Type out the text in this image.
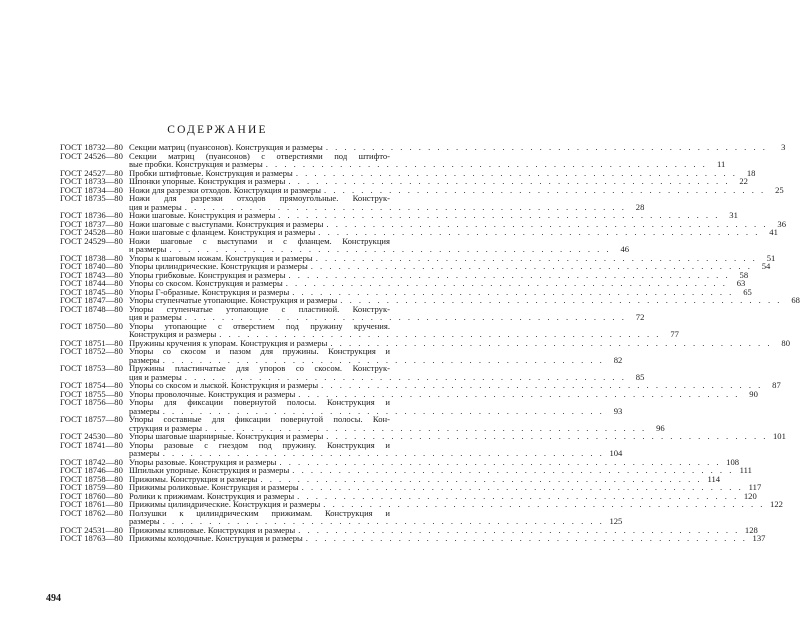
СОДЕРЖАНИЕ
ГОСТ 18732—80 Секции матриц (пуансонов). Конструкция и размеры . . . . . . . . . . . . . . . . . . . . . . . . . . . . . . . . . . . . . . . . . . . . . . . .	3
ГОСТ 24526—80 Секции матриц (пуансонов) с отверстиями под штифто-
вые пробки. Конструкция и размеры . . . . . . . . . . . . . . . . . . . . . . . . . . . . . . . . . . . . . . . . . . . . . . . .	11
ГОСТ 24527—80 Пробки штифтовые. Конструкция и размеры . . . . . . . . . . . . . . . . . . . . . . . . . . . . . . . . . . . . . . . . . . . . . . . .	18
ГОСТ 18733—80 Шпонки упорные. Конструкция и размеры . . . . . . . . . . . . . . . . . . . . . . . . . . . . . . . . . . . . . . . . . . . . . . . .	22
ГОСТ 18734—80 Ножи для разрезки отходов. Конструкция и размеры . . . . . . . . . . . . . . . . . . . . . . . . . . . . . . . . . . . . . . . . . . . . . . . .	25
ГОСТ 18735—80 Ножи для разрезки отходов прямоугольные. Конструк-
ция и размеры . . . . . . . . . . . . . . . . . . . . . . . . . . . . . . . . . . . . . . . . . . . . . . . .	28
ГОСТ 18736—80 Ножи шаговые. Конструкция и размеры . . . . . . . . . . . . . . . . . . . . . . . . . . . . . . . . . . . . . . . . . . . . . . . .	31
ГОСТ 18737—80 Ножи шаговые с выступами. Конструкция и размеры . . . . . . . . . . . . . . . . . . . . . . . . . . . . . . . . . . . . . . . . . . . . . . . .	36
ГОСТ 24528—80 Ножи шаговые с фланцем. Конструкция и размеры . . . . . . . . . . . . . . . . . . . . . . . . . . . . . . . . . . . . . . . . . . . . . . . .	41
ГОСТ 24529—80 Ножи шаговые с выступами и с фланцем. Конструкция
и размеры . . . . . . . . . . . . . . . . . . . . . . . . . . . . . . . . . . . . . . . . . . . . . . . .	46
ГОСТ 18738—80 Упоры к шаговым ножам. Конструкция и размеры . . . . . . . . . . . . . . . . . . . . . . . . . . . . . . . . . . . . . . . . . . . . . . . .	51
ГОСТ 18740—80 Упоры цилиндрические. Конструкция и размеры . . . . . . . . . . . . . . . . . . . . . . . . . . . . . . . . . . . . . . . . . . . . . . . .	54
ГОСТ 18743—80 Упоры грибковые. Конструкция и размеры . . . . . . . . . . . . . . . . . . . . . . . . . . . . . . . . . . . . . . . . . . . . . . . .	58
ГОСТ 18744—80 Упоры со скосом. Конструкция и размеры . . . . . . . . . . . . . . . . . . . . . . . . . . . . . . . . . . . . . . . . . . . . . . . .	63
ГОСТ 18745—80 Упоры Г-образные. Конструкция и размеры . . . . . . . . . . . . . . . . . . . . . . . . . . . . . . . . . . . . . . . . . . . . . . . .	65
ГОСТ 18747—80 Упоры ступенчатые утопающие. Конструкция и размеры . . . . . . . . . . . . . . . . . . . . . . . . . . . . . . . . . . . . . . . . . . . . . . . .	68
ГОСТ 18748—80 Упоры ступенчатые утопающие с пластиной. Конструк-
ция и размеры . . . . . . . . . . . . . . . . . . . . . . . . . . . . . . . . . . . . . . . . . . . . . . . .	72
ГОСТ 18750—80 Упоры утопающие с отверстием под пружину кручения.
Конструкция и размеры . . . . . . . . . . . . . . . . . . . . . . . . . . . . . . . . . . . . . . . . . . . . . . . .	77
ГОСТ 18751—80 Пружины кручения к упорам. Конструкция и размеры . . . . . . . . . . . . . . . . . . . . . . . . . . . . . . . . . . . . . . . . . . . . . . . .	80
ГОСТ 18752—80 Упоры со скосом и пазом для пружины. Конструкция и
размеры . . . . . . . . . . . . . . . . . . . . . . . . . . . . . . . . . . . . . . . . . . . . . . . .	82
ГОСТ 18753—80 Пружины пластинчатые для упоров со скосом. Конструк-
ция и размеры . . . . . . . . . . . . . . . . . . . . . . . . . . . . . . . . . . . . . . . . . . . . . . . .	85
ГОСТ 18754—80 Упоры со скосом и лыской. Конструкция и размеры . . . . . . . . . . . . . . . . . . . . . . . . . . . . . . . . . . . . . . . . . . . . . . . .	87
ГОСТ 18755—80 Упоры проволочные. Конструкция и размеры . . . . . . . . . . . . . . . . . . . . . . . . . . . . . . . . . . . . . . . . . . . . . . . .	90
ГОСТ 18756—80 Упоры для фиксации повернутой полосы. Конструкция и
размеры . . . . . . . . . . . . . . . . . . . . . . . . . . . . . . . . . . . . . . . . . . . . . . . .	93
ГОСТ 18757—80 Упоры составные для фиксации повернутой полосы. Кон-
струкция и размеры . . . . . . . . . . . . . . . . . . . . . . . . . . . . . . . . . . . . . . . . . . . . . . . .	96
ГОСТ 24530—80 Упоры шаговые шарнирные. Конструкция и размеры . . . . . . . . . . . . . . . . . . . . . . . . . . . . . . . . . . . . . . . . . . . . . . . . 101
ГОСТ 18741—80 Упоры разовые с гнездом под пружину. Конструкция и
размеры . . . . . . . . . . . . . . . . . . . . . . . . . . . . . . . . . . . . . . . . . . . . . . . . 104
ГОСТ 18742—80 Упоры разовые. Конструкция и размеры . . . . . . . . . . . . . . . . . . . . . . . . . . . . . . . . . . . . . . . . . . . . . . . . 108
ГОСТ 18746—80 Шпильки упорные. Конструкция и размеры . . . . . . . . . . . . . . . . . . . . . . . . . . . . . . . . . . . . . . . . . . . . . . . . 111
ГОСТ 18758—80 Прижимы. Конструкция и размеры . . . . . . . . . . . . . . . . . . . . . . . . . . . . . . . . . . . . . . . . . . . . . . . . 114
ГОСТ 18759—80 Прижимы роликовые. Конструкция и размеры . . . . . . . . . . . . . . . . . . . . . . . . . . . . . . . . . . . . . . . . . . . . . . . . 117
ГОСТ 18760—80 Ролики к прижимам. Конструкция и размеры . . . . . . . . . . . . . . . . . . . . . . . . . . . . . . . . . . . . . . . . . . . . . . . . 120
ГОСТ 18761—80 Прижимы цилиндрические. Конструкция и размеры . . . . . . . . . . . . . . . . . . . . . . . . . . . . . . . . . . . . . . . . . . . . . . . . 122
ГОСТ 18762—80 Ползушки к цилиндрическим прижимам. Конструкция и
размеры . . . . . . . . . . . . . . . . . . . . . . . . . . . . . . . . . . . . . . . . . . . . . . . . 125
ГОСТ 24531—80 Прижимы клиновые. Конструкция и размеры . . . . . . . . . . . . . . . . . . . . . . . . . . . . . . . . . . . . . . . . . . . . . . . . 128
ГОСТ 18763—80 Прижимы колодочные. Конструкция и размеры . . . . . . . . . . . . . . . . . . . . . . . . . . . . . . . . . . . . . . . . . . . . . . . . 137
494
